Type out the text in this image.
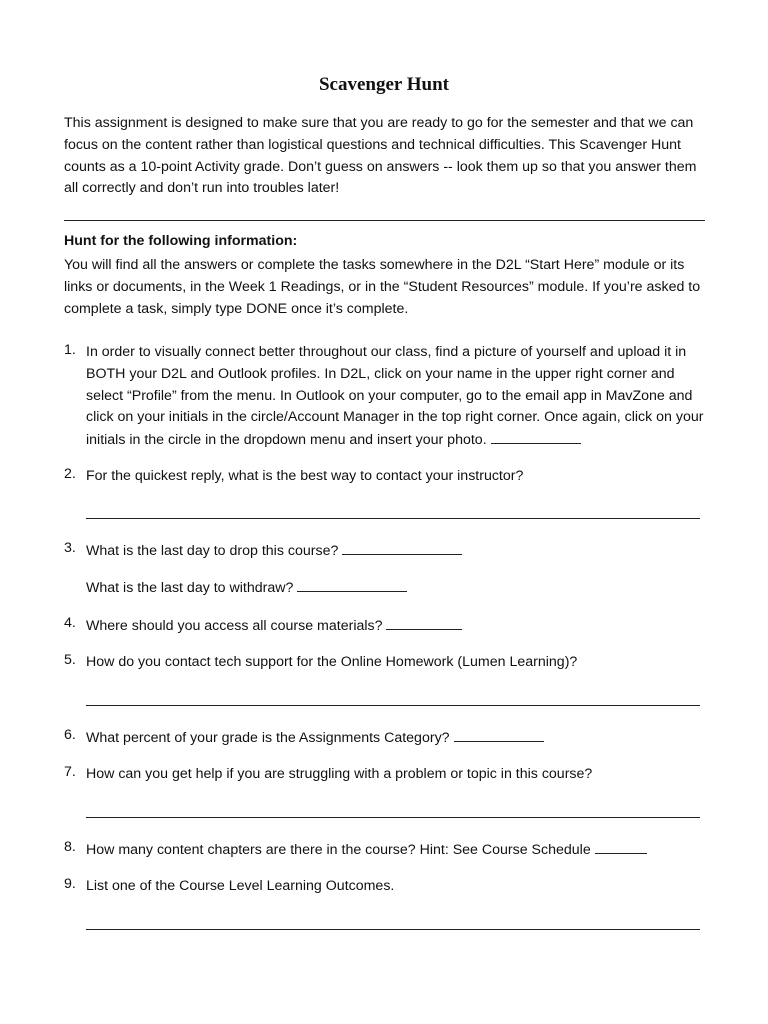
Scavenger Hunt

This assignment is designed to make sure that you are ready to go for the semester and that we can focus on the content rather than logistical questions and technical difficulties. This Scavenger Hunt counts as a 10-point Activity grade. Don’t guess on answers -- look them up so that you answer them all correctly and don’t run into troubles later!

Hunt for the following information:

You will find all the answers or complete the tasks somewhere in the D2L “Start Here” module or its links or documents, in the Week 1 Readings, or in the “Student Resources” module. If you’re asked to complete a task, simply type DONE once it’s complete.

1. In order to visually connect better throughout our class, find a picture of yourself and upload it in BOTH your D2L and Outlook profiles. In D2L, click on your name in the upper right corner and select “Profile” from the menu. In Outlook on your computer, go to the email app in MavZone and click on your initials in the circle/Account Manager in the top right corner. Once again, click on your initials in the circle in the dropdown menu and insert your photo.
2. For the quickest reply, what is the best way to contact your instructor?
3. What is the last day to drop this course?
What is the last day to withdraw?
4. Where should you access all course materials?
5. How do you contact tech support for the Online Homework (Lumen Learning)?
6. What percent of your grade is the Assignments Category?
7. How can you get help if you are struggling with a problem or topic in this course?
8. How many content chapters are there in the course? Hint: See Course Schedule
9. List one of the Course Level Learning Outcomes.
